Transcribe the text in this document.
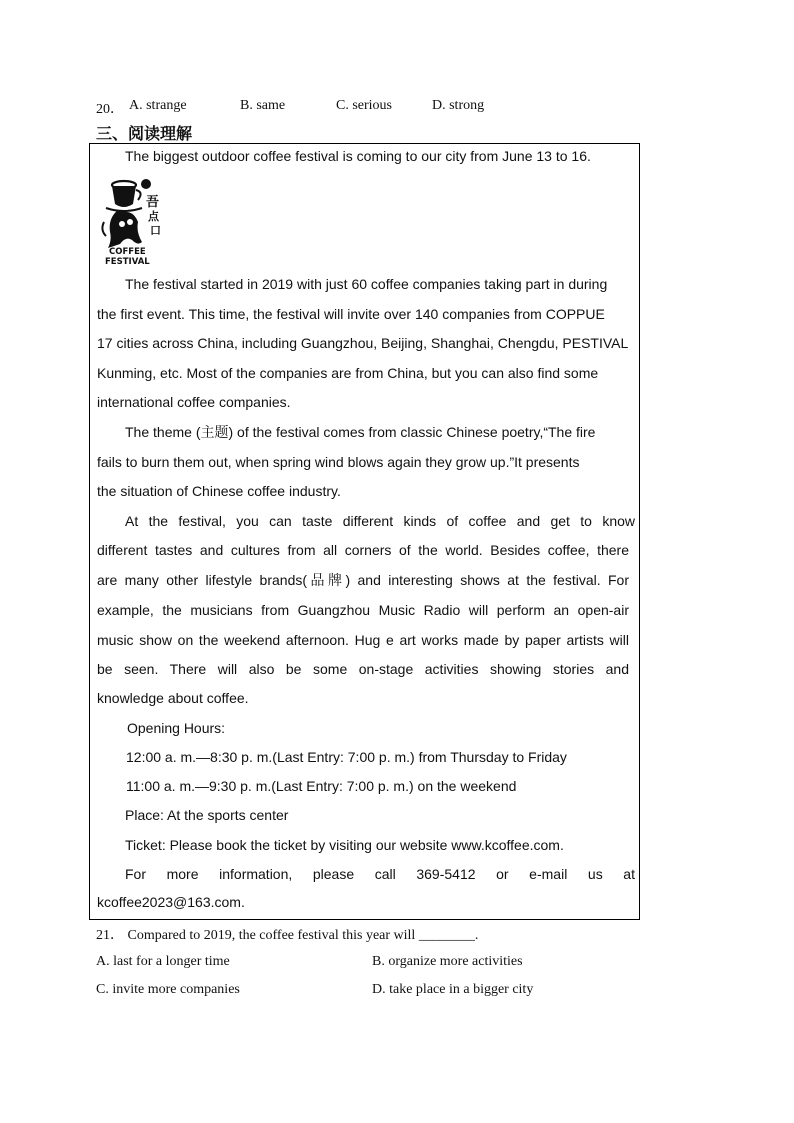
20． A. strange	B. same	C. serious	D. strong
三、阅读理解
The biggest outdoor coffee festival is coming to our city from June 13 to 16.
吾
点
口
COFFEE
FESTIVAL
The festival started in 2019 with just 60 coffee companies taking part in during
the first event. This time, the festival will invite over 140 companies from COPPUE
17 cities across China, including Guangzhou, Beijing, Shanghai, Chengdu, PESTIVAL
Kunming, etc. Most of the companies are from China, but you can also find some
international coffee companies.
The theme (主题) of the festival comes from classic Chinese poetry,“The fire
fails to burn them out, when spring wind blows again they grow up.”It presents
the situation of Chinese coffee industry.
At the festival, you can taste different kinds of coffee and get to know
different tastes and cultures from all corners of the world. Besides coffee, there
are many other lifestyle brands(品牌) and interesting shows at the festival. For
example, the musicians from Guangzhou Music Radio will perform an open-air
music show on the weekend afternoon. Hug e art works made by paper artists will
be seen. There will also be some on-stage activities showing stories and
knowledge about coffee.
Opening Hours:
12:00 a. m.—8:30 p. m.(Last Entry: 7:00 p. m.) from Thursday to Friday
11:00 a. m.—9:30 p. m.(Last Entry: 7:00 p. m.) on the weekend
Place: At the sports center
Ticket: Please book the ticket by visiting our website www.kcoffee.com.
For more information, please call 369-5412 or e-mail us at
kcoffee2023@163.com.
21． Compared to 2019, the coffee festival this year will ________.
A. last for a longer time	B. organize more activities
C. invite more companies	D. take place in a bigger city
